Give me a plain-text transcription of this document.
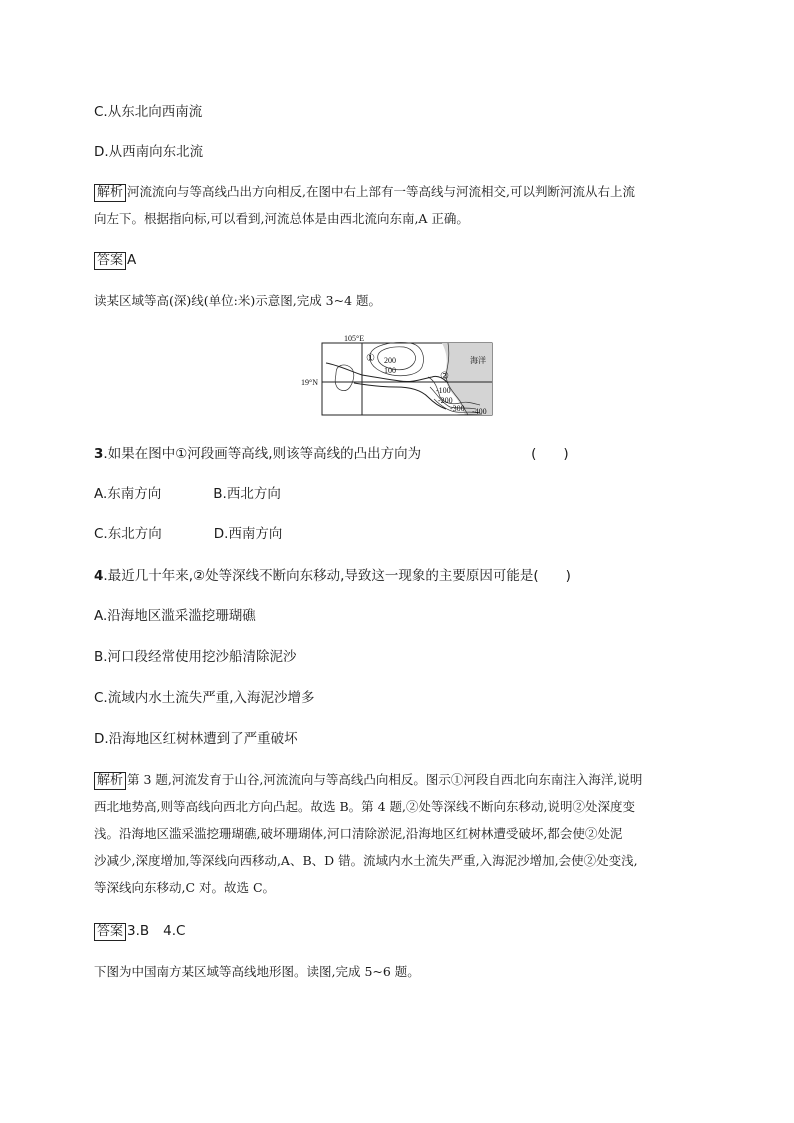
C.从东北向西南流
D.从西南向东北流
解析 河流流向与等高线凸出方向相反,在图中右上部有一等高线与河流相交,可以判断河流从右上流
向左下。根据指向标,可以看到,河流总体是由西北流向东南,A 正确。
答案 A
读某区域等高(深)线(单位:米)示意图,完成 3~4 题。
105°E
19°N
①
②
海洋
200
100
-100
-200
-300 -400
3.如果在图中①河段画等高线,则该等高线的凸出方向为	(　　)
A.东南方向	B.西北方向
C.东北方向	D.西南方向
4.最近几十年来,②处等深线不断向东移动,导致这一现象的主要原因可能是(　　)
A.沿海地区滥采滥挖珊瑚礁
B.河口段经常使用挖沙船清除泥沙
C.流域内水土流失严重,入海泥沙增多
D.沿海地区红树林遭到了严重破坏
解析 第 3 题,河流发育于山谷,河流流向与等高线凸向相反。图示①河段自西北向东南注入海洋,说明
西北地势高,则等高线向西北方向凸起。故选 B。第 4 题,②处等深线不断向东移动,说明②处深度变
浅。沿海地区滥采滥挖珊瑚礁,破坏珊瑚体,河口清除淤泥,沿海地区红树林遭受破坏,都会使②处泥
沙减少,深度增加,等深线向西移动,A、B、D 错。流域内水土流失严重,入海泥沙增加,会使②处变浅,
等深线向东移动,C 对。故选 C。
答案 3.B 4.C
下图为中国南方某区域等高线地形图。读图,完成 5~6 题。
